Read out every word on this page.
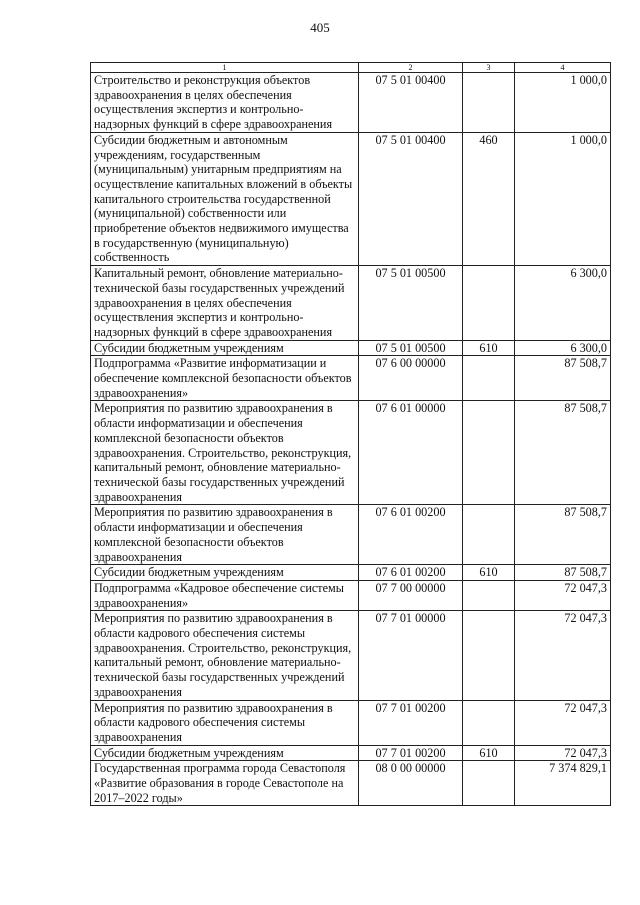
405
1	2	3	4
Строительство и реконструкция объектов здравоохранения в целях обеспечения осуществления экспертиз и контрольно-надзорных функций в сфере здравоохранения	07 5 01 00400		1 000,0
Субсидии бюджетным и автономным учреждениям, государственным (муниципальным) унитарным предприятиям на осуществление капитальных вложений в объекты капитального строительства государственной (муниципальной) собственности или приобретение объектов недвижимого имущества в государственную (муниципальную) собственность	07 5 01 00400	460	1 000,0
Капитальный ремонт, обновление материально-технической базы государственных учреждений здравоохранения в целях обеспечения осуществления экспертиз и контрольно-надзорных функций в сфере здравоохранения	07 5 01 00500		6 300,0
Субсидии бюджетным учреждениям	07 5 01 00500	610	6 300,0
Подпрограмма «Развитие информатизации и обеспечение комплексной безопасности объектов здравоохранения»	07 6 00 00000		87 508,7
Мероприятия по развитию здравоохранения в области информатизации и обеспечения комплексной безопасности объектов здравоохранения. Строительство, реконструкция, капитальный ремонт, обновление материально-технической базы государственных учреждений здравоохранения	07 6 01 00000		87 508,7
Мероприятия по развитию здравоохранения в области информатизации и обеспечения комплексной безопасности объектов здравоохранения	07 6 01 00200		87 508,7
Субсидии бюджетным учреждениям	07 6 01 00200	610	87 508,7
Подпрограмма «Кадровое обеспечение системы здравоохранения»	07 7 00 00000		72 047,3
Мероприятия по развитию здравоохранения в области кадрового обеспечения системы здравоохранения. Строительство, реконструкция, капитальный ремонт, обновление материально-технической базы государственных учреждений здравоохранения	07 7 01 00000		72 047,3
Мероприятия по развитию здравоохранения в области кадрового обеспечения системы здравоохранения	07 7 01 00200		72 047,3
Субсидии бюджетным учреждениям	07 7 01 00200	610	72 047,3
Государственная программа города Севастополя «Развитие образования в городе Севастополе на 2017–2022 годы»	08 0 00 00000		7 374 829,1
